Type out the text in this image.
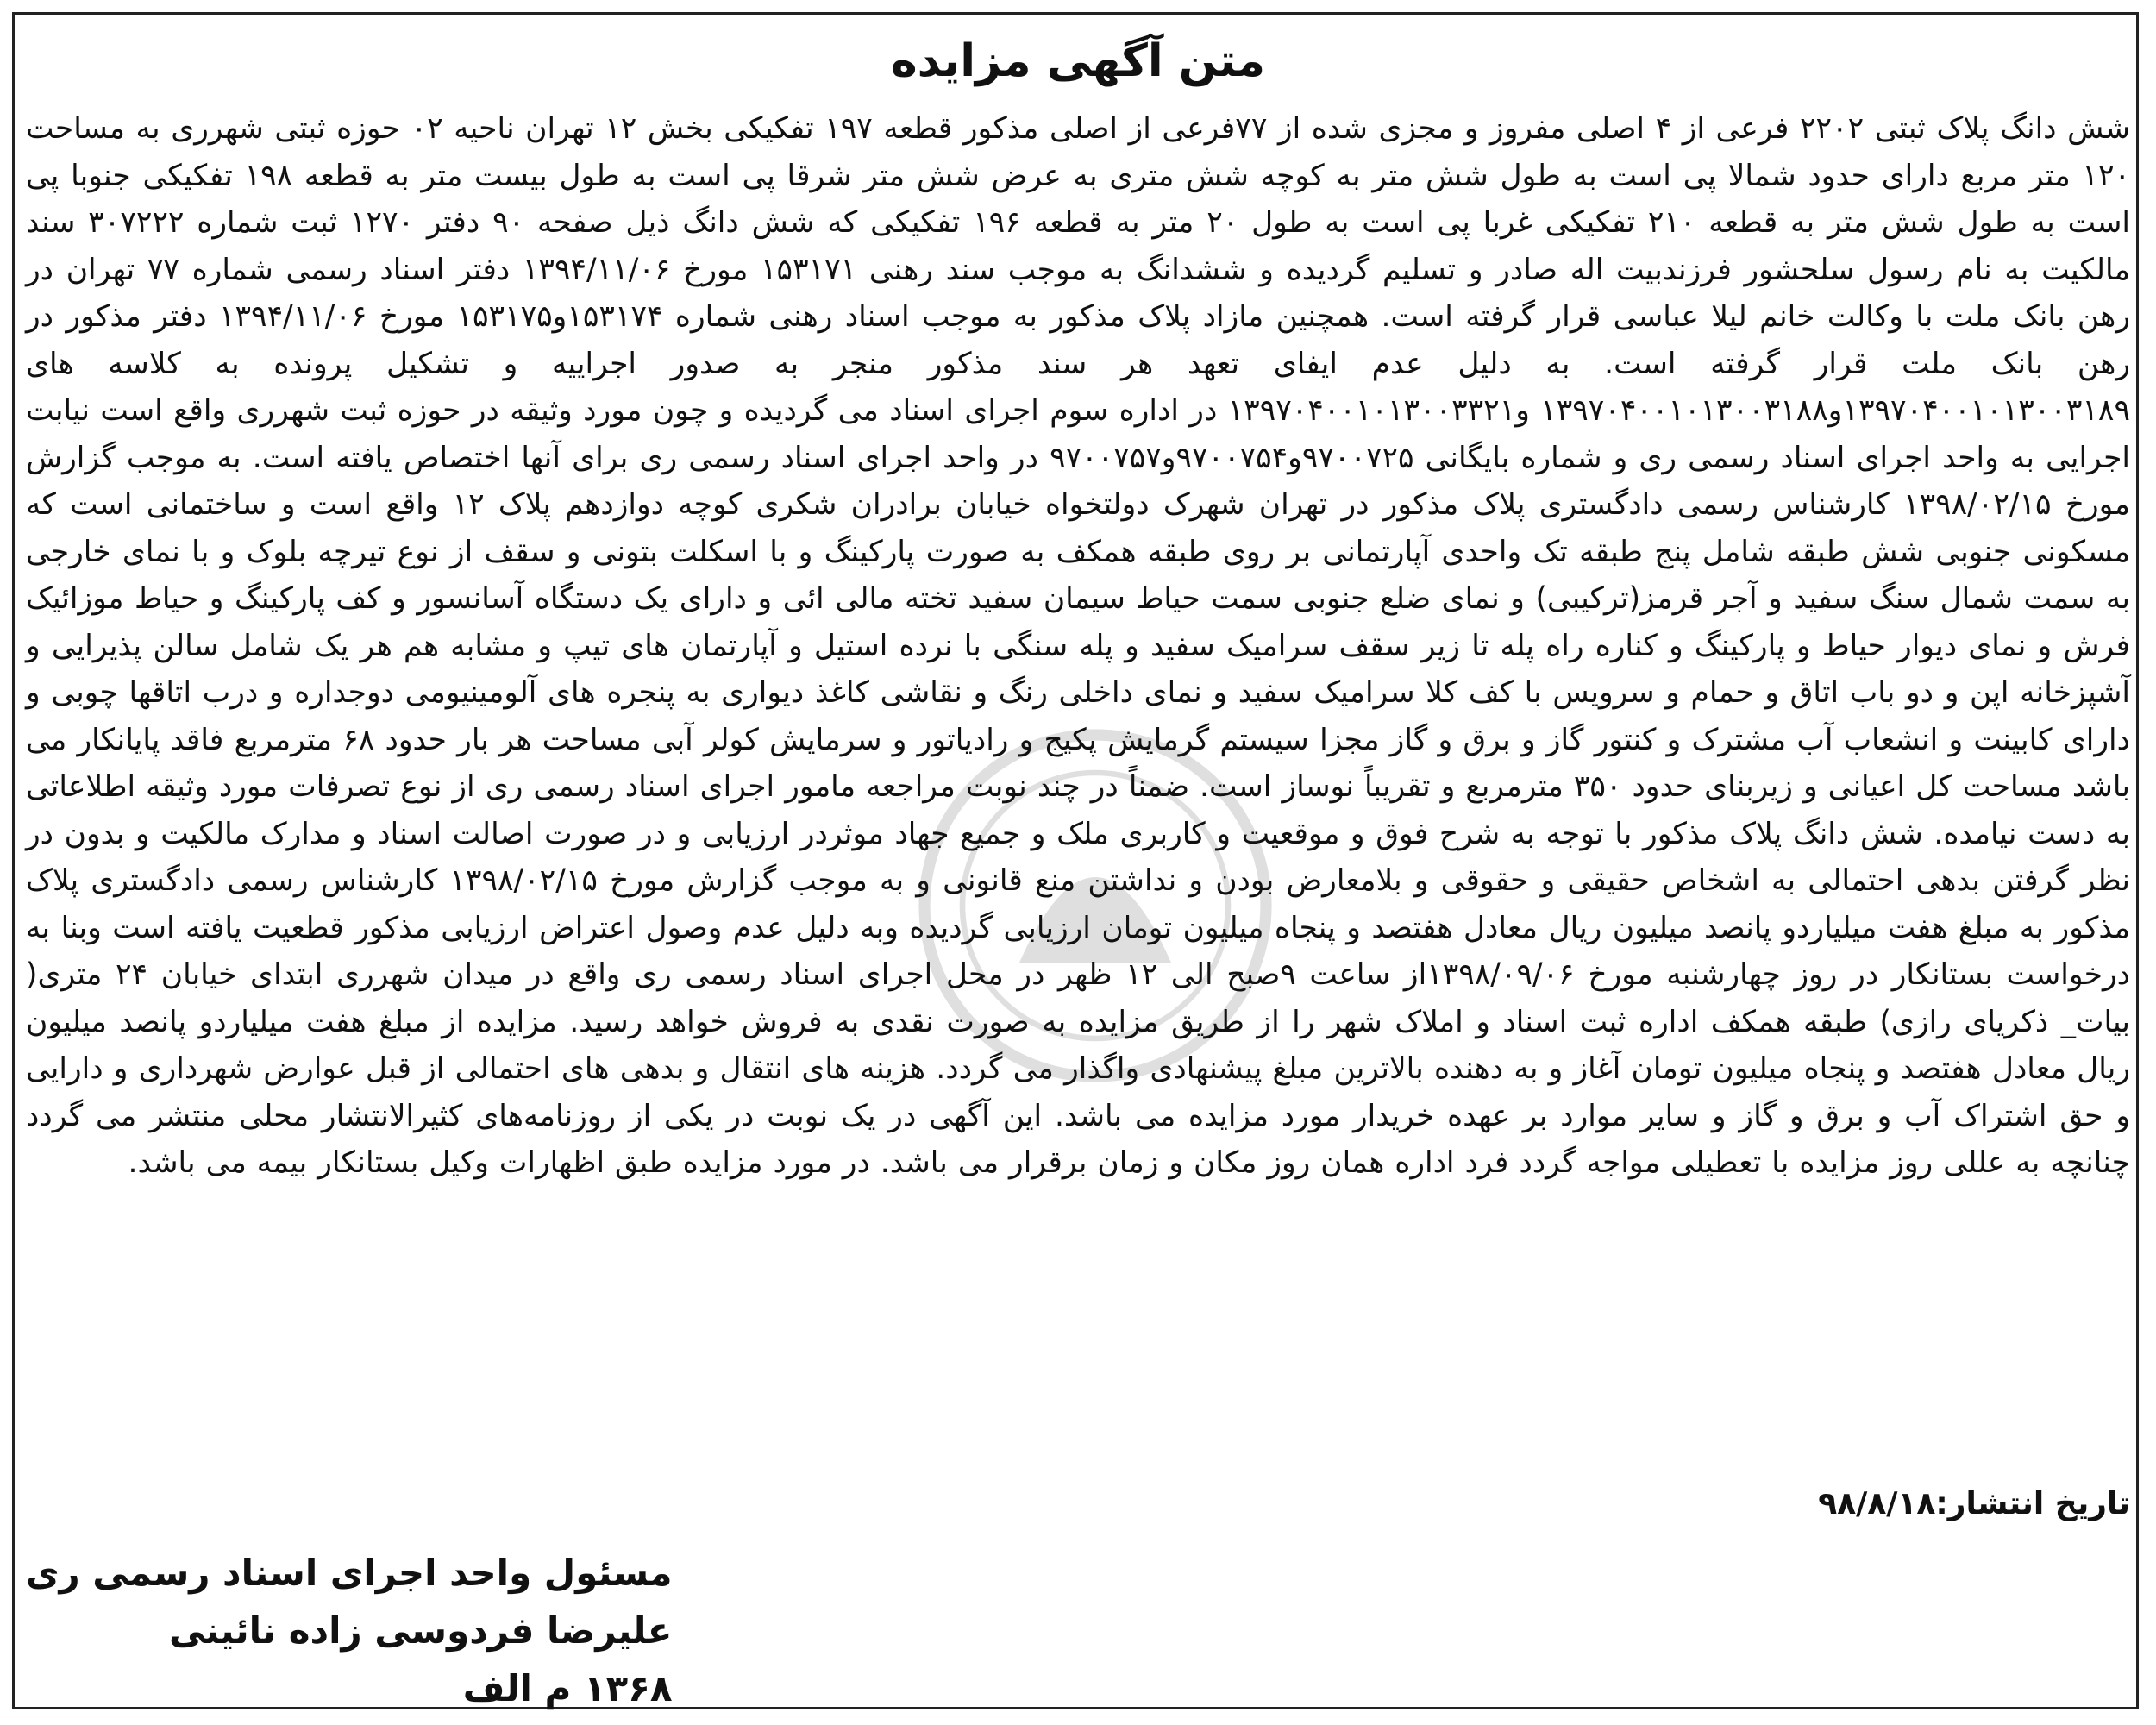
متن آگهی مزایده
شش دانگ پلاک ثبتی ۲۲۰۲ فرعی از ۴ اصلی مفروز و مجزی شده از ۷۷فرعی از اصلی مذکور قطعه ۱۹۷ تفکیکی بخش ۱۲ تهران ناحیه ۰۲ حوزه ثبتی شهرری به مساحت ۱۲۰ متر مربع دارای حدود شمالا پی است به طول شش متر به کوچه شش متری به عرض شش متر شرقا پی است به طول بیست متر به قطعه ۱۹۸ تفکیکی جنوبا پی است به طول شش متر به قطعه ۲۱۰ تفکیکی غربا پی است به طول ۲۰ متر به قطعه ۱۹۶ تفکیکی که شش دانگ ذیل صفحه ۹۰ دفتر ۱۲۷۰ ثبت شماره ۳۰۷۲۲۲ سند مالکیت به نام رسول سلحشور فرزندبیت اله صادر و تسلیم گردیده و ششدانگ به موجب سند رهنی ۱۵۳۱۷۱ مورخ ۱۳۹۴/۱۱/۰۶ دفتر اسناد رسمی شماره ۷۷ تهران در رهن بانک ملت با وکالت خانم لیلا عباسی قرار گرفته است. همچنین مازاد پلاک مذکور به موجب اسناد رهنی شماره ۱۵۳۱۷۴و۱۵۳۱۷۵ مورخ ۱۳۹۴/۱۱/۰۶ دفتر مذکور در رهن بانک ملت قرار گرفته است. به دلیل عدم ایفای تعهد هر سند مذکور منجر به صدور اجراییه و تشکیل پرونده به کلاسه های ۱۳۹۷۰۴۰۰۱۰۱۳۰۰۳۱۸۹و۱۳۹۷۰۴۰۰۱۰۱۳۰۰۳۱۸۸ و۱۳۹۷۰۴۰۰۱۰۱۳۰۰۳۳۲۱ در اداره سوم اجرای اسناد می گردیده و چون مورد وثیقه در حوزه ثبت شهرری واقع است نیابت اجرایی به واحد اجرای اسناد رسمی ری و شماره بایگانی ۹۷۰۰۷۲۵و۹۷۰۰۷۵۴و۹۷۰۰۷۵۷ در واحد اجرای اسناد رسمی ری برای آنها اختصاص یافته است. به موجب گزارش مورخ ۱۳۹۸/۰۲/۱۵ کارشناس رسمی دادگستری پلاک مذکور در تهران شهرک دولتخواه خیابان برادران شکری کوچه دوازدهم پلاک ۱۲ واقع است و ساختمانی است که مسکونی جنوبی شش طبقه شامل پنج طبقه تک واحدی آپارتمانی بر روی طبقه همکف به صورت پارکینگ و با اسکلت بتونی و سقف از نوع تیرچه بلوک و با نمای خارجی به سمت شمال سنگ سفید و آجر قرمز(ترکیبی) و نمای ضلع جنوبی سمت حیاط سیمان سفید تخته مالی ائی و دارای یک دستگاه آسانسور و کف پارکینگ و حیاط موزائیک فرش و نمای دیوار حیاط و پارکینگ و کناره راه پله تا زیر سقف سرامیک سفید و پله سنگی با نرده استیل و آپارتمان های تیپ و مشابه هم هر یک شامل سالن پذیرایی و آشپزخانه اپن و دو باب اتاق و حمام و سرویس با کف کلا سرامیک سفید و نمای داخلی رنگ و نقاشی کاغذ دیواری به پنجره های آلومینیومی دوجداره و درب اتاقها چوبی و دارای کابینت و انشعاب آب مشترک و کنتور گاز و برق و گاز مجزا سیستم گرمایش پکیج و رادیاتور و سرمایش کولر آبی مساحت هر بار حدود ۶۸ مترمربع فاقد پایانکار می باشد مساحت کل اعیانی و زیربنای حدود ۳۵۰ مترمربع و تقریباً نوساز است. ضمناً در چند نوبت مراجعه مامور اجرای اسناد رسمی ری از نوع تصرفات مورد وثیقه اطلاعاتی به دست نیامده. شش دانگ پلاک مذکور با توجه به شرح فوق و موقعیت و کاربری ملک و جمیع جهاد موثردر ارزیابی و در صورت اصالت اسناد و مدارک مالکیت و بدون در نظر گرفتن بدهی احتمالی به اشخاص حقیقی و حقوقی و بلامعارض بودن و نداشتن منع قانونی و به موجب گزارش مورخ ۱۳۹۸/۰۲/۱۵ کارشناس رسمی دادگستری پلاک مذکور به مبلغ هفت میلیاردو پانصد میلیون ریال معادل هفتصد و پنجاه میلیون تومان ارزیابی گردیده وبه دلیل عدم وصول اعتراض ارزیابی مذکور قطعیت یافته است وبنا به درخواست بستانکار در روز چهارشنبه مورخ ۱۳۹۸/۰۹/۰۶از ساعت ۹صبح الی ۱۲ ظهر در محل اجرای اسناد رسمی ری واقع در میدان شهرری ابتدای خیابان ۲۴ متری( بیات_ ذکریای رازی) طبقه همکف اداره ثبت اسناد و املاک شهر را از طریق مزایده به صورت نقدی به فروش خواهد رسید. مزایده از مبلغ هفت میلیاردو پانصد میلیون ریال معادل هفتصد و پنجاه میلیون تومان آغاز و به دهنده بالاترین مبلغ پیشنهادی واگذار می گردد. هزینه های انتقال و بدهی های احتمالی از قبل عوارض شهرداری و دارایی و حق اشتراک آب و برق و گاز و سایر موارد بر عهده خریدار مورد مزایده می باشد. این آگهی در یک نوبت در یکی از روزنامه‌های کثیرالانتشار محلی منتشر می گردد چنانچه به عللی روز مزایده با تعطیلی مواجه گردد فرد اداره همان روز مکان و زمان برقرار می باشد. در مورد مزایده طبق اظهارات وکیل بستانکار بیمه می باشد.
تاریخ انتشار:۹۸/۸/۱۸
مسئول واحد اجرای اسناد رسمی ری
علیرضا فردوسی زاده نائینی
۱۳۶۸ م الف
